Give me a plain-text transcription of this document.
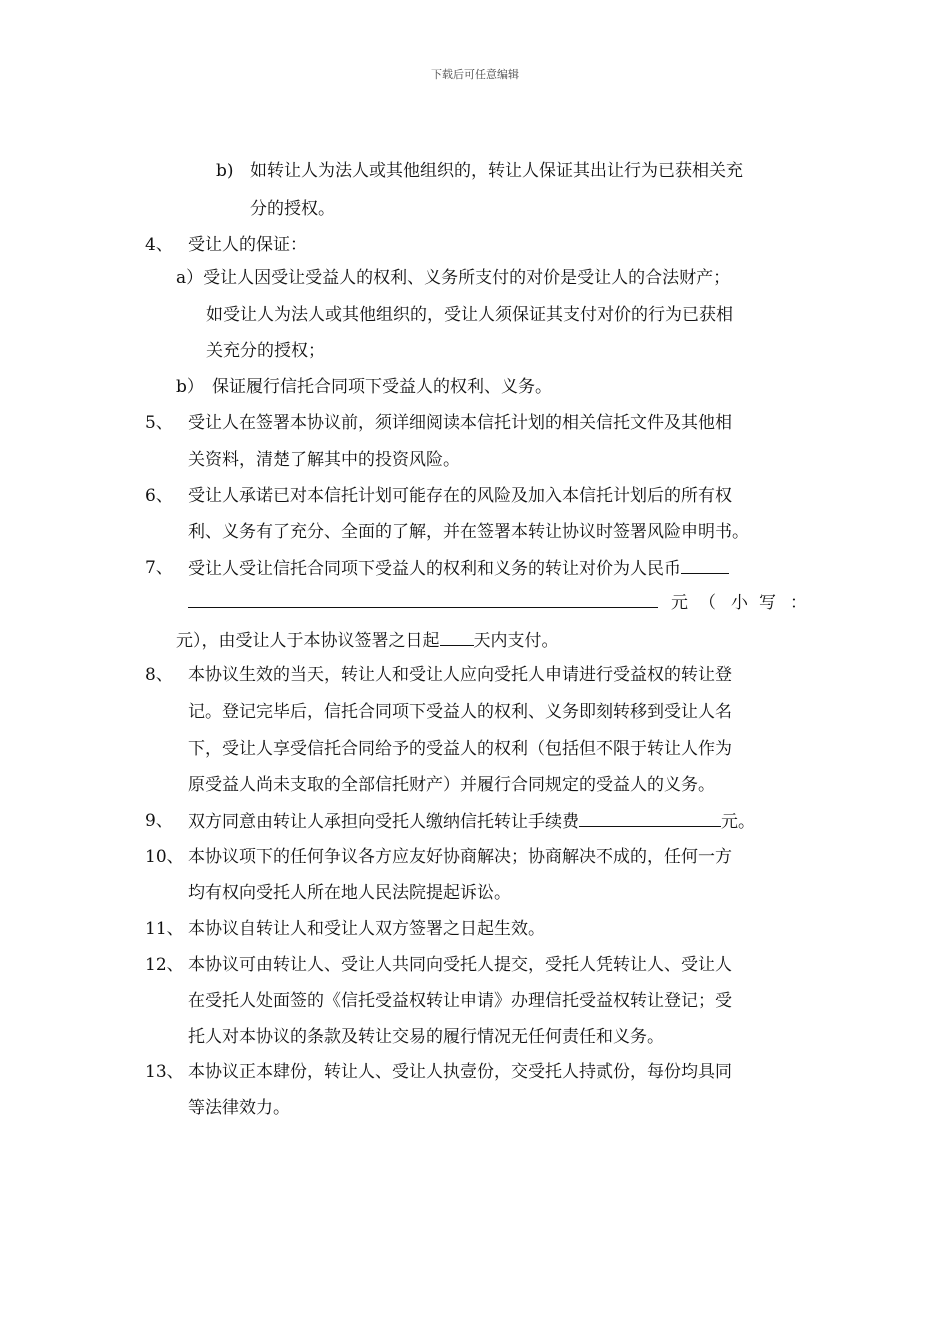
下载后可任意编辑
b) 如转让人为法人或其他组织的，转让人保证其出让行为已获相关充
分的授权。
4、 受让人的保证：
a）受让人因受让受益人的权利、义务所支付的对价是受让人的合法财产；
如受让人为法人或其他组织的，受让人须保证其支付对价的行为已获相
关充分的授权；
b） 保证履行信托合同项下受益人的权利、义务。
5、 受让人在签署本协议前，须详细阅读本信托计划的相关信托文件及其他相
关资料，清楚了解其中的投资风险。
6、 受让人承诺已对本信托计划可能存在的风险及加入本信托计划后的所有权
利、义务有了充分、全面的了解，并在签署本转让协议时签署风险申明书。
7、 受让人受让信托合同项下受益人的权利和义务的转让对价为人民币
元 （ 小 写 ：
元），由受让人于本协议签署之日起 天内支付。
8、 本协议生效的当天，转让人和受让人应向受托人申请进行受益权的转让登
记。登记完毕后，信托合同项下受益人的权利、义务即刻转移到受让人名
下，受让人享受信托合同给予的受益人的权利（包括但不限于转让人作为
原受益人尚未支取的全部信托财产）并履行合同规定的受益人的义务。
9、 双方同意由转让人承担向受托人缴纳信托转让手续费	元。
10、 本协议项下的任何争议各方应友好协商解决；协商解决不成的，任何一方
均有权向受托人所在地人民法院提起诉讼。
11、 本协议自转让人和受让人双方签署之日起生效。
12、 本协议可由转让人、受让人共同向受托人提交，受托人凭转让人、受让人
在受托人处面签的《信托受益权转让申请》办理信托受益权转让登记；受
托人对本协议的条款及转让交易的履行情况无任何责任和义务。
13、 本协议正本肆份，转让人、受让人执壹份，交受托人持贰份，每份均具同
等法律效力。
